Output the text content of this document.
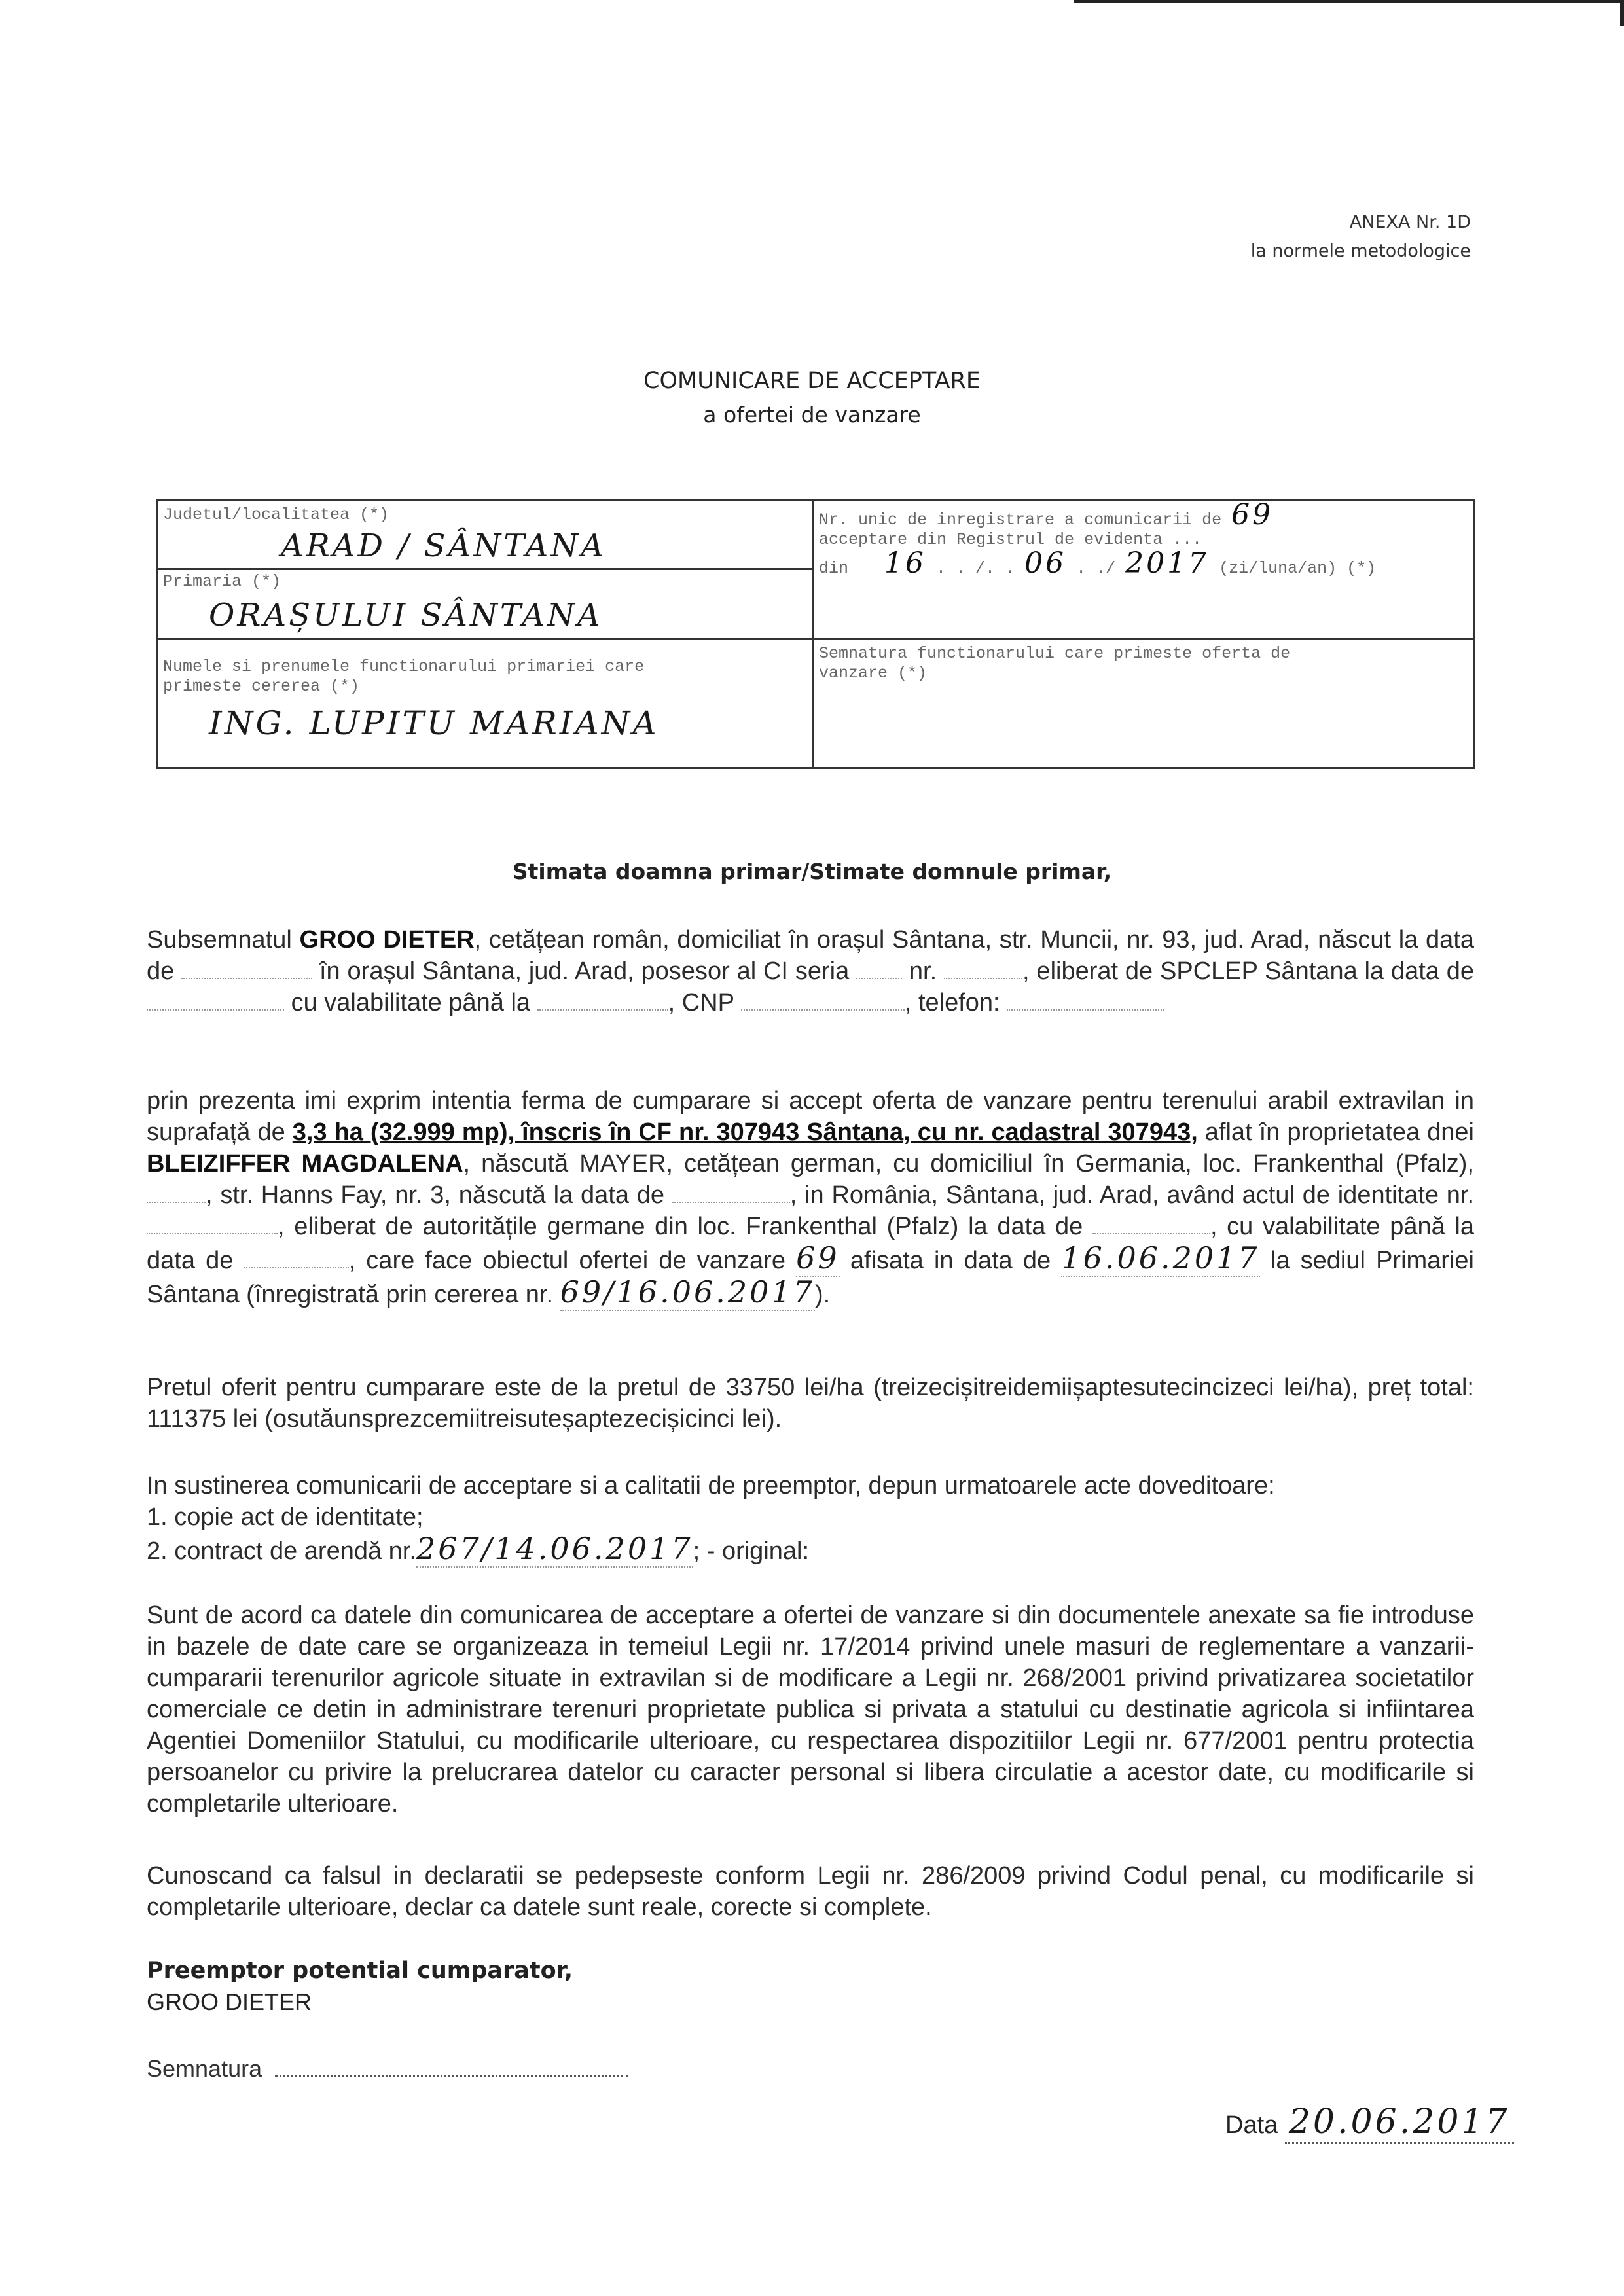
ANEXA Nr. 1D
la normele metodologice
COMUNICARE DE ACCEPTARE
a ofertei de vanzare
Judetul/localitatea (*)
ARAD / SÂNTANA
Primaria (*)
ORAȘULUI SÂNTANA
Numele si prenumele functionarului primariei care
primeste cererea (*)
ING. LUPITU MARIANA
Nr. unic de inregistrare a comunicarii de 69
acceptare din Registrul de evidenta ...
din 16 . . /. . 06 . ./ 2017 (zi/luna/an) (*)
Semnatura functionarului care primeste oferta de
vanzare (*)
Stimata doamna primar/Stimate domnule primar,
Subsemnatul GROO DIETER, cetățean român, domiciliat în orașul Sântana, str. Muncii, nr. 93, jud. Arad, născut la data de	în orașul Sântana, jud. Arad, posesor al CI seria nr.	, eliberat de SPCLEP Sântana la data de  cu valabilitate până la	, CNP	, telefon:
prin prezenta imi exprim intentia ferma de cumparare si accept oferta de vanzare pentru terenului arabil extravilan in suprafață de 3,3 ha (32.999 mp), înscris în CF nr. 307943 Sântana, cu nr. cadastral 307943, aflat în proprietatea dnei BLEIZIFFER MAGDALENA, născută MAYER, cetățean german, cu domiciliul în Germania, loc. Frankenthal (Pfalz), , str. Hanns Fay, nr. 3, născută la data de	, in România, Sântana, jud. Arad, având actul de identitate nr. , eliberat de autoritățile germane din loc. Frankenthal (Pfalz) la data de	, cu valabilitate până la data de	, care face obiectul ofertei de vanzare 69 afisata in data de 16.06.2017 la sediul Primariei Sântana (înregistrată prin cererea nr. 69/16.06.2017).
Pretul oferit pentru cumparare este de la pretul de 33750 lei/ha (treizecișitreidemiișaptesutecincizeci lei/ha), preț total: 111375 lei (osutăunsprezcemiitreisuteșaptezecișicinci lei).
In sustinerea comunicarii de acceptare si a calitatii de preemptor, depun urmatoarele acte doveditoare:
1. copie act de identitate;
2. contract de arendă nr.267/14.06.2017; - original:
Sunt de acord ca datele din comunicarea de acceptare a ofertei de vanzare si din documentele anexate sa fie introduse in bazele de date care se organizeaza in temeiul Legii nr. 17/2014 privind unele masuri de reglementare a vanzarii-cumpararii terenurilor agricole situate in extravilan si de modificare a Legii nr. 268/2001 privind privatizarea societatilor comerciale ce detin in administrare terenuri proprietate publica si privata a statului cu destinatie agricola si infiintarea Agentiei Domeniilor Statului, cu modificarile ulterioare, cu respectarea dispozitiilor Legii nr. 677/2001 pentru protectia persoanelor cu privire la prelucrarea datelor cu caracter personal si libera circulatie a acestor date, cu modificarile si completarile ulterioare.
Cunoscand ca falsul in declaratii se pedepseste conform Legii nr. 286/2009 privind Codul penal, cu modificarile si completarile ulterioare, declar ca datele sunt reale, corecte si complete.
Preemptor potential cumparator,
GROO DIETER
Semnatura
Data 20.06.2017
